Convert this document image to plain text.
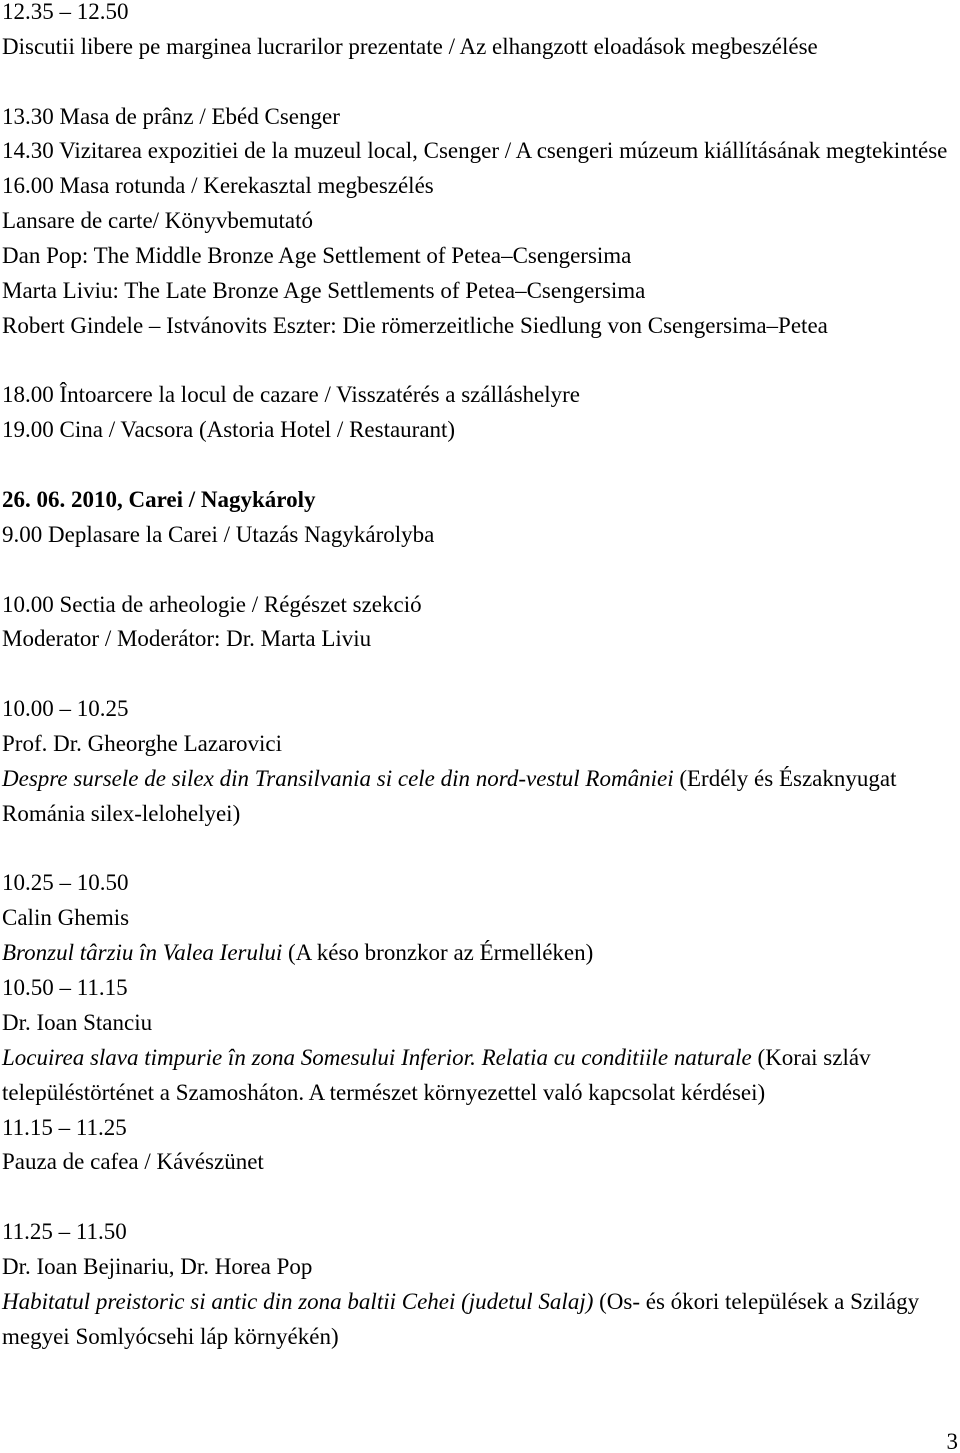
12.35 – 12.50
Discutii libere pe marginea lucrarilor prezentate / Az elhangzott eloadások megbeszélése
13.30 Masa de prânz / Ebéd Csenger
14.30 Vizitarea expozitiei de la muzeul local, Csenger / A csengeri múzeum kiállításának megtekintése
16.00 Masa rotunda / Kerekasztal megbeszélés
Lansare de carte/ Könyvbemutató
Dan Pop: The Middle Bronze Age Settlement of Petea–Csengersima
Marta Liviu: The Late Bronze Age Settlements of Petea–Csengersima
Robert Gindele – Istvánovits Eszter: Die römerzeitliche Siedlung von Csengersima–Petea
18.00 Întoarcere la locul de cazare / Visszatérés a szálláshelyre
19.00 Cina / Vacsora (Astoria Hotel / Restaurant)
26. 06. 2010, Carei / Nagykároly
9.00 Deplasare la Carei / Utazás Nagykárolyba
10.00 Sectia de arheologie / Régészet szekció
Moderator / Moderátor: Dr. Marta Liviu
10.00 – 10.25
Prof. Dr. Gheorghe Lazarovici
Despre sursele de silex din Transilvania si cele din nord-vestul României (Erdély és Északnyugat
Románia silex-lelohelyei)
10.25 – 10.50
Calin Ghemis
Bronzul târziu în Valea Ierului (A késo bronzkor az Érmelléken)
10.50 – 11.15
Dr. Ioan Stanciu
Locuirea slava timpurie în zona Somesului Inferior. Relatia cu conditiile naturale (Korai szláv
településtörténet a Szamosháton. A természet környezettel való kapcsolat kérdései)
11.15 – 11.25
Pauza de cafea / Kávészünet
11.25 – 11.50
Dr. Ioan Bejinariu, Dr. Horea Pop
Habitatul preistoric si antic din zona baltii Cehei (judetul Salaj) (Os- és ókori települések a Szilágy
megyei Somlyócsehi láp környékén)
3
